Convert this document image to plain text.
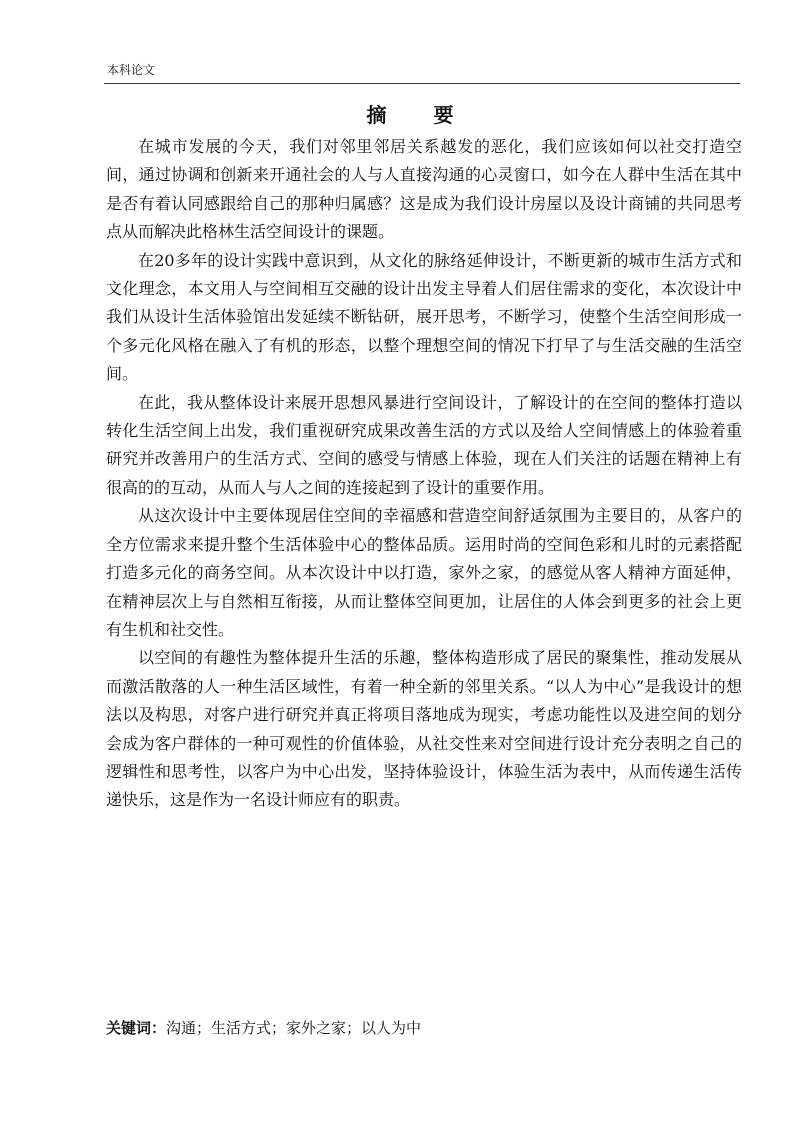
本科论文
摘 要

在城市发展的今天，我们对邻里邻居关系越发的恶化，我们应该如何以社交打造空间，通过协调和创新来开通社会的人与人直接沟通的心灵窗口，如今在人群中生活在其中是否有着认同感跟给自己的那种归属感？这是成为我们设计房屋以及设计商铺的共同思考点从而解决此格林生活空间设计的课题。

在20多年的设计实践中意识到，从文化的脉络延伸设计，不断更新的城市生活方式和文化理念，本文用人与空间相互交融的设计出发主导着人们居住需求的变化，本次设计中我们从设计生活体验馆出发延续不断钻研，展开思考，不断学习，使整个生活空间形成一个多元化风格在融入了有机的形态，以整个理想空间的情况下打早了与生活交融的生活空间。

在此，我从整体设计来展开思想风暴进行空间设计，了解设计的在空间的整体打造以转化生活空间上出发，我们重视研究成果改善生活的方式以及给人空间情感上的体验着重研究并改善用户的生活方式、空间的感受与情感上体验，现在人们关注的话题在精神上有很高的的互动，从而人与人之间的连接起到了设计的重要作用。

从这次设计中主要体现居住空间的幸福感和营造空间舒适氛围为主要目的，从客户的全方位需求来提升整个生活体验中心的整体品质。运用时尚的空间色彩和儿时的元素搭配打造多元化的商务空间。从本次设计中以打造，家外之家，的感觉从客人精神方面延伸，在精神层次上与自然相互衔接，从而让整体空间更加，让居住的人体会到更多的社会上更有生机和社交性。

以空间的有趣性为整体提升生活的乐趣，整体构造形成了居民的聚集性，推动发展从而激活散落的人一种生活区域性，有着一种全新的邻里关系。“以人为中心”是我设计的想法以及构思，对客户进行研究并真正将项目落地成为现实，考虑功能性以及进空间的划分会成为客户群体的一种可观性的价值体验，从社交性来对空间进行设计充分表明之自己的逻辑性和思考性，以客户为中心出发，坚持体验设计，体验生活为表中，从而传递生活传递快乐，这是作为一名设计师应有的职责。

关键词：沟通；生活方式；家外之家；以人为中
